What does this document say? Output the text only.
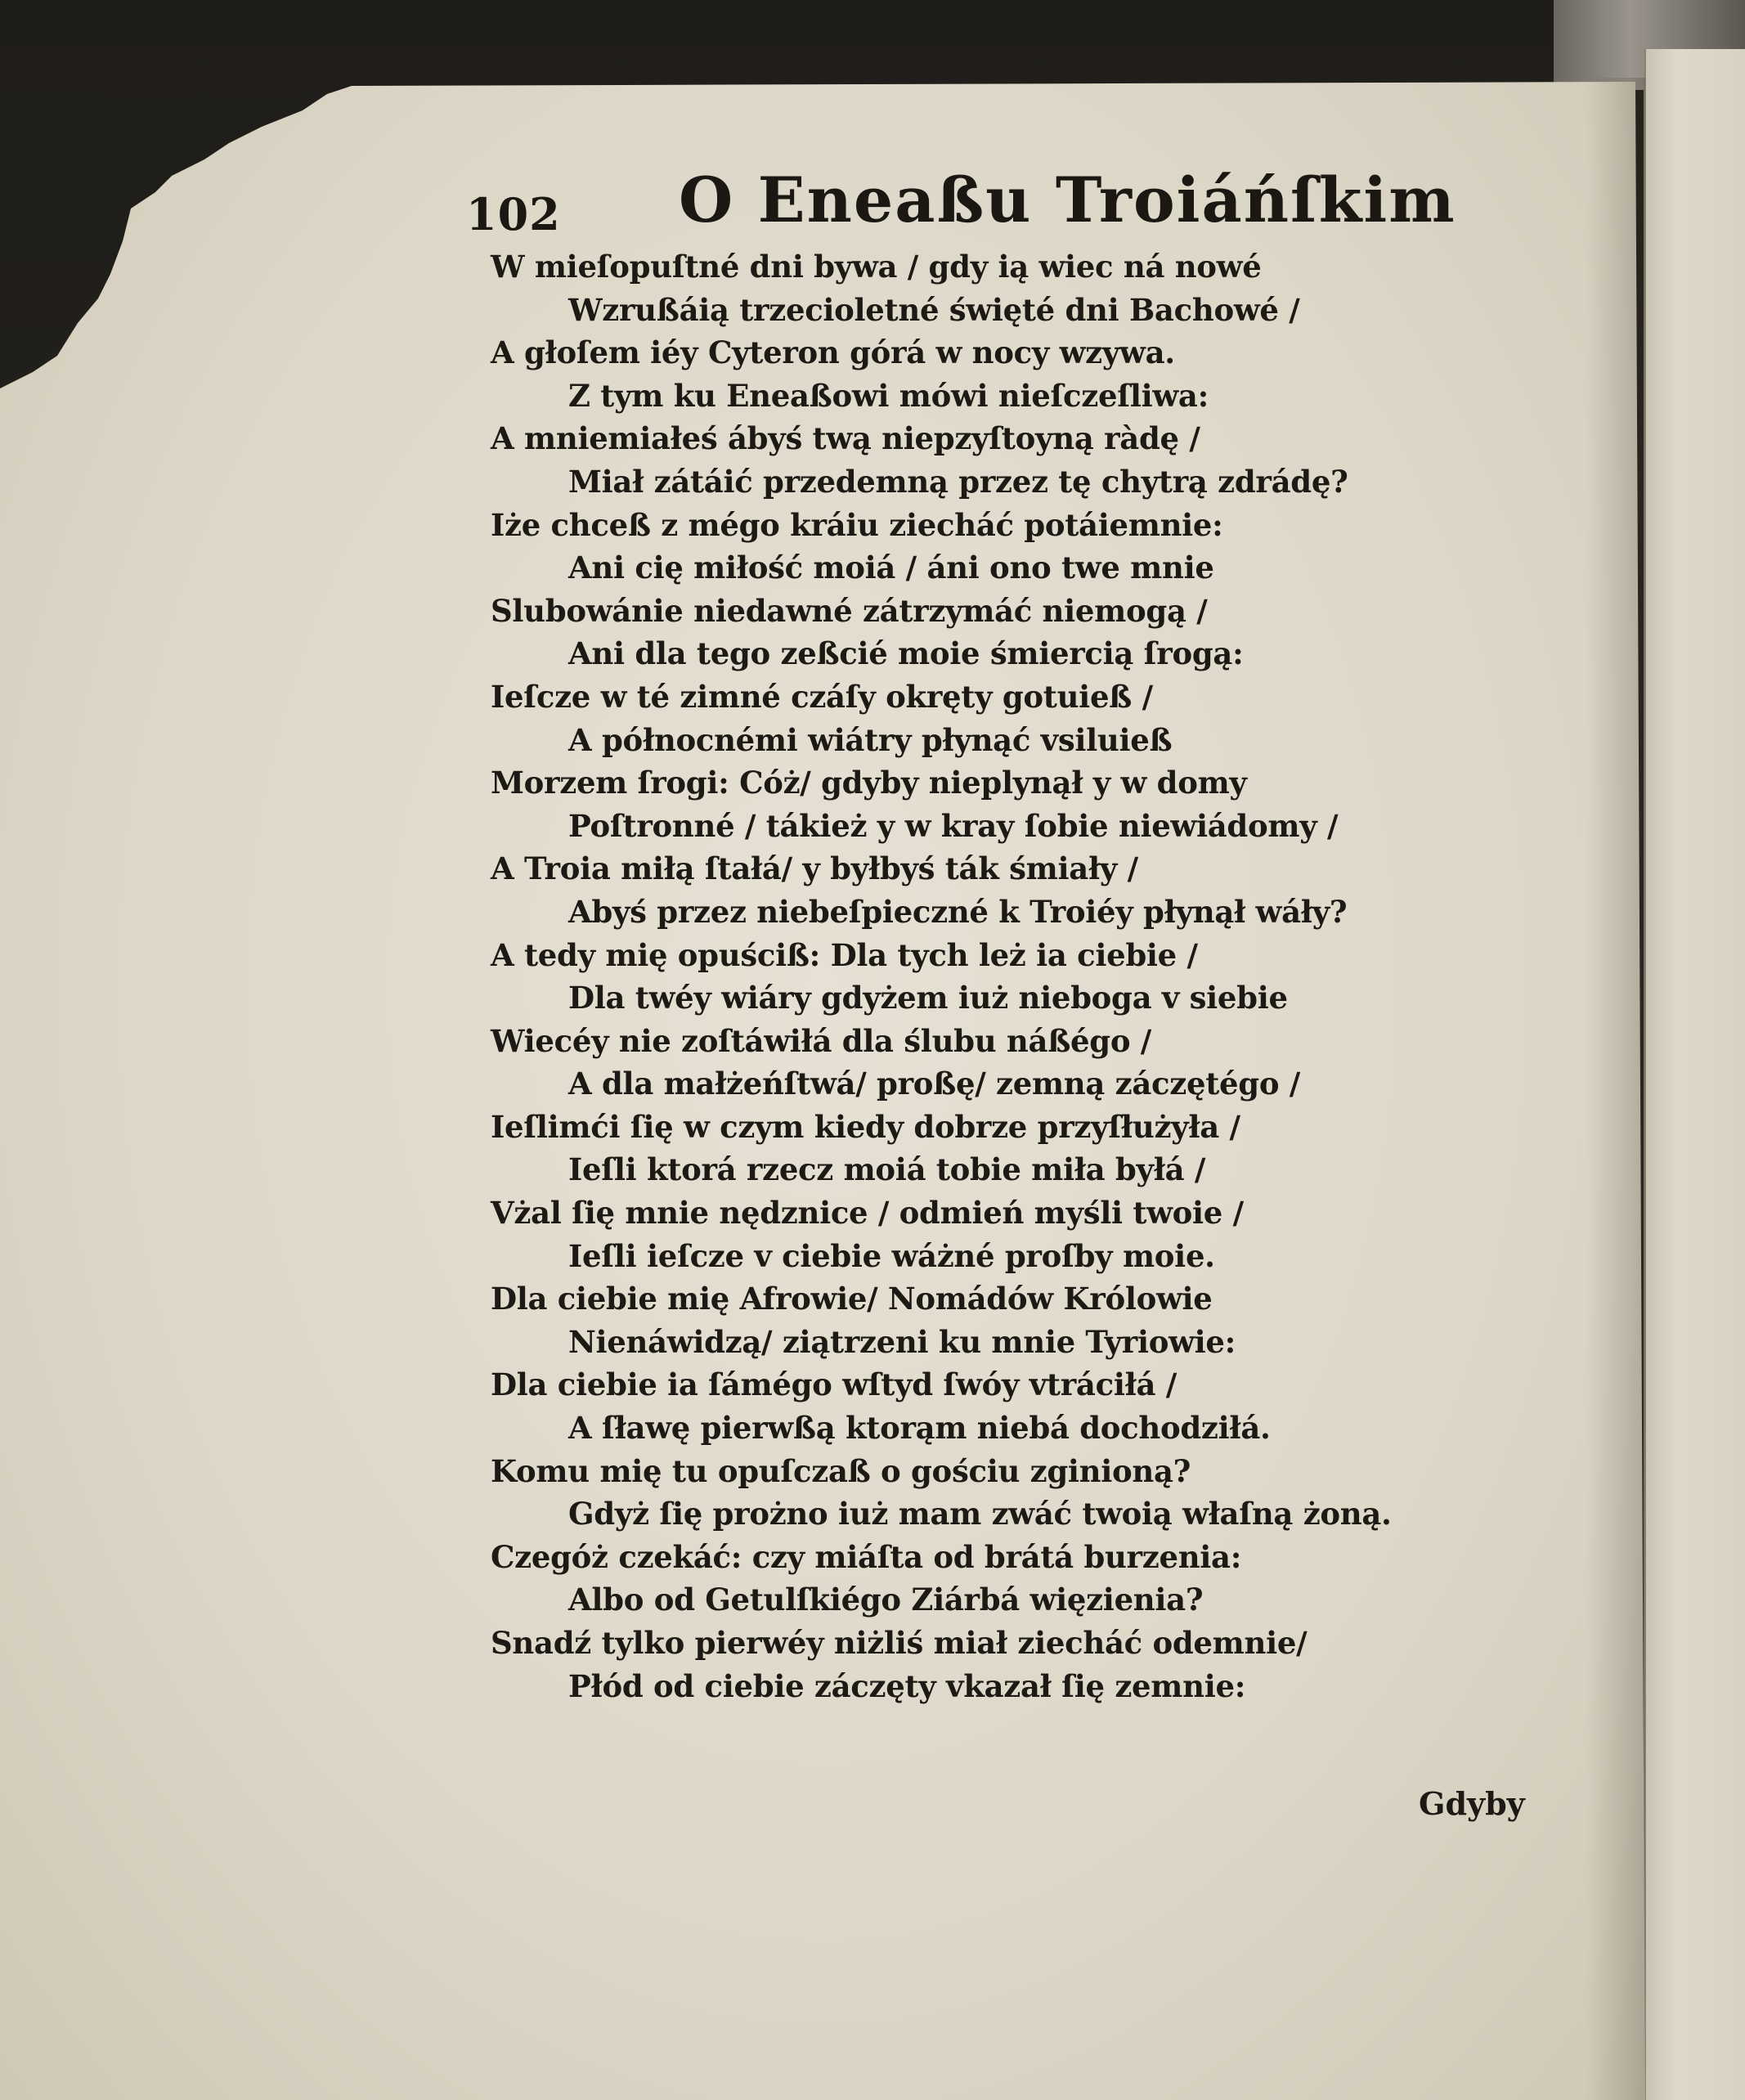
102 O Eneaßu Troiáńſkim
W mieſopuſtné dni bywa / gdy ią wiec ná nowé
Wzrußáią trzecioletné święté dni Bachowé /
A głoſem iéy Cyteron górá w nocy wzywa.
Z tym ku Eneaßowi mówi nieſczeſliwa:
A mniemiałeś ábyś twą niepzyſtoyną ràdę /
Miał zátáić przedemną przez tę chytrą zdrádę?
Iże chceß z mégo kráiu ziecháć potáiemnie:
Ani cię miłość moiá / áni ono twe mnie
Slubowánie niedawné zátrzymáć niemogą /
Ani dla tego zeßcié moie śmiercią ſrogą:
Ieſcze w té zimné czáſy okręty gotuieß /
A północnémi wiátry płynąć vsiluieß
Morzem ſrogi: Cóż/ gdyby nieplynął y w domy
Poſtronné / tákież y w kray ſobie niewiádomy /
A Troia miłą ſtałá/ y byłbyś ták śmiały /
Abyś przez niebeſpieczné k Troiéy płynął wáły?
A tedy mię opuściß: Dla tych leż ia ciebie /
Dla twéy wiáry gdyżem iuż nieboga v siebie
Wiecéy nie zoſtáwiłá dla ślubu náßégo /
A dla małżeńſtwá/ proßę/ zemną záczętégo /
Ieſlimći ſię w czym kiedy dobrze przyſłużyła /
Ieſli ktorá rzecz moiá tobie miła byłá /
Vżal ſię mnie nędznice / odmień myśli twoie /
Ieſli ieſcze v ciebie wáżné proſby moie.
Dla ciebie mię Afrowie/ Nomádów Królowie
Nienáwidzą/ ziątrzeni ku mnie Tyriowie:
Dla ciebie ia ſámégo wſtyd ſwóy vtráciłá /
A ſławę pierwßą ktorąm niebá dochodziłá.
Komu mię tu opuſczaß o gościu zginioną?
Gdyż ſię prożno iuż mam zwáć twoią właſną żoną.
Czegóż czekáć: czy miáſta od brátá burzenia:
Albo od Getulſkiégo Ziárbá więzienia?
Snadź tylko pierwéy niżliś miał ziecháć odemnie/
Płód od ciebie záczęty vkazał ſię zemnie:
Gdyby
